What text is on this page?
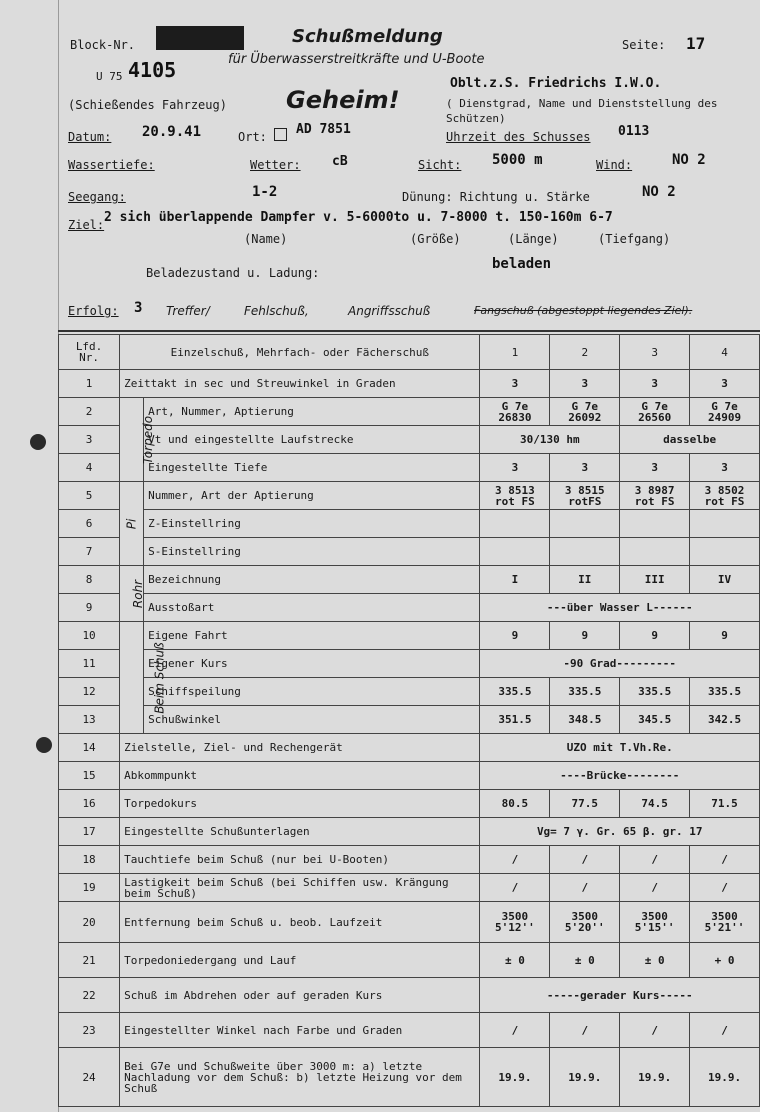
Block-Nr.
4105
U 75
Schußmeldung
für Überwasserstreitkräfte und U-Boote
Seite: 17
Geheim!
(Schießendes Fahrzeug)
Oblt.z.S. Friedrichs I.W.O.
( Dienstgrad, Name und Dienststellung des Schützen)
Datum: 20.9.41	Ort: AD 7851	Uhrzeit des Schusses 0113
Wassertiefe:	Wetter: cB	Sicht: 5000 m	Wind:	NO 2
Seegang:	1-2	Dünung: Richtung u. Stärke	NO 2
Ziel: 2 sich überlappende Dampfer v. 5-6000to u. 7-8000 t. 150-160m 6-7
(Name)	(Größe)	(Länge)	(Tiefgang)
Beladezustand u. Ladung:
beladen
Erfolg: 3 Treffer/	Fehlschuß,	Angriffsschuß	Fangschuß (abgestoppt liegendes Ziel).
Lfd. Nr.	Einzelschuß, Mehrfach- oder Fächerschuß		1	2	3	4
1	Zeittakt in sec und Streuwinkel in Graden		3	3	3	3
2	Torpedo	Art, Nummer, Aptierung	G 7e 26830	G 7e 26092	G 7e 26560	G 7e 24909
3		Vt und eingestellte Laufstrecke	30/130 hm		dasselbe	
4		Eingestellte Tiefe	3	3	3	3
5	Pi	Nummer, Art der Aptierung	3 8513 rot FS	3 8515 rotFS	3 8987 rot FS	3 8502 rot FS
6		Z-Einstellring				
7		S-Einstellring				
8	Rohr	Bezeichnung	I	II	III	IV
9		Ausstoßart	---über Wasser L------			
10	Beim Schuß	Eigene Fahrt	9	9	9	9
11		Eigener Kurs	-90 Grad---------			
12		Schiffspeilung	335.5	335.5	335.5	335.5
13		Schußwinkel	351.5	348.5	345.5	342.5
14	Zielstelle, Ziel- und Rechengerät		UZO mit T.Vh.Re.			
15	Abkommpunkt		----Brücke--------			
16	Torpedokurs		80.5	77.5	74.5	71.5
17	Eingestellte Schußunterlagen		Vg= 7 γ. Gr. 65 β. gr. 17			
18	Tauchtiefe beim Schuß (nur bei U-Booten)		/	/	/	/
19	Lastigkeit beim Schuß (bei Schiffen usw. Krängung beim Schuß)		/	/	/	/
20	Entfernung beim Schuß u. beob. Laufzeit		3500 5'12''	3500 5'20''	3500 5'15''	3500 5'21''
21	Torpedoniedergang und Lauf		± 0	± 0	± 0	+ 0
22	Schuß im Abdrehen oder auf geraden Kurs		-----gerader Kurs-----			
23	Eingestellter Winkel nach Farbe und Graden		/	/	/	/
24	Bei G7e und Schußweite über 3000 m: a) letzte Nachladung vor dem Schuß: b) letzte Heizung vor dem Schuß		19.9.	19.9.	19.9.	19.9.
